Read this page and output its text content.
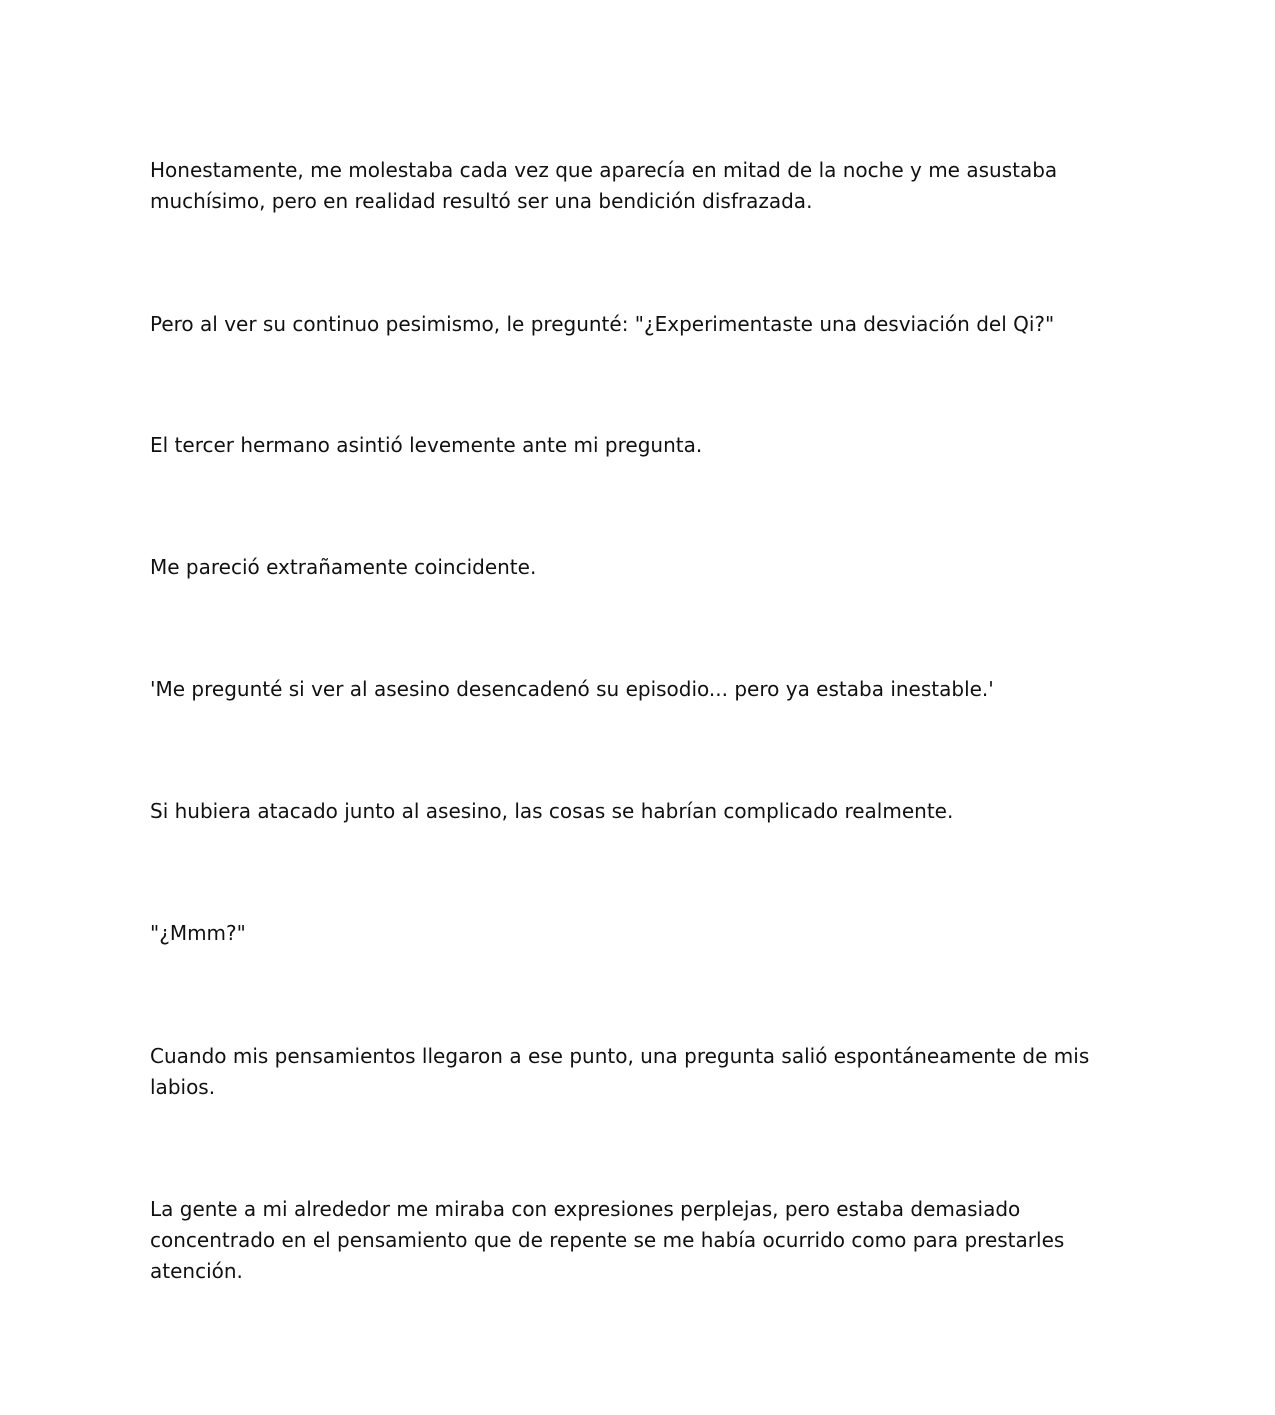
Honestamente, me molestaba cada vez que aparecía en mitad de la noche y me asustaba muchísimo, pero en realidad resultó ser una bendición disfrazada.

Pero al ver su continuo pesimismo, le pregunté: "¿Experimentaste una desviación del Qi?"

El tercer hermano asintió levemente ante mi pregunta.

Me pareció extrañamente coincidente.

'Me pregunté si ver al asesino desencadenó su episodio... pero ya estaba inestable.'

Si hubiera atacado junto al asesino, las cosas se habrían complicado realmente.

"¿Mmm?"

Cuando mis pensamientos llegaron a ese punto, una pregunta salió espontáneamente de mis labios.

La gente a mi alrededor me miraba con expresiones perplejas, pero estaba demasiado concentrado en el pensamiento que de repente se me había ocurrido como para prestarles atención.
